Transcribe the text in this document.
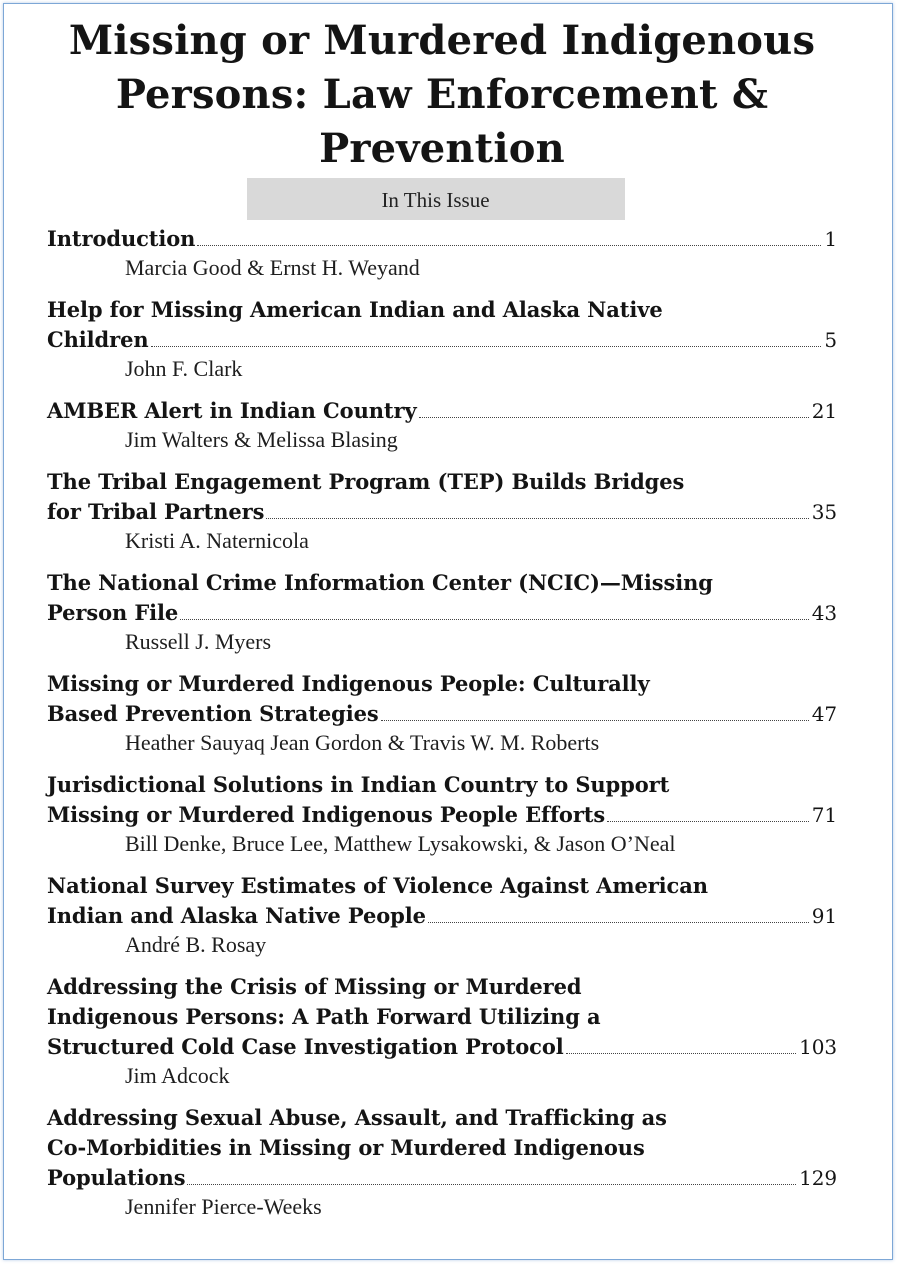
Missing or Murdered Indigenous
Persons: Law Enforcement &
Prevention
In This Issue
Introduction	1
Marcia Good & Ernst H. Weyand
Help for Missing American Indian and Alaska Native
Children	5
John F. Clark
AMBER Alert in Indian Country	21
Jim Walters & Melissa Blasing
The Tribal Engagement Program (TEP) Builds Bridges
for Tribal Partners	35
Kristi A. Naternicola
The National Crime Information Center (NCIC)—Missing
Person File	43
Russell J. Myers
Missing or Murdered Indigenous People: Culturally
Based Prevention Strategies	47
Heather Sauyaq Jean Gordon & Travis W. M. Roberts
Jurisdictional Solutions in Indian Country to Support
Missing or Murdered Indigenous People Efforts	71
Bill Denke, Bruce Lee, Matthew Lysakowski, & Jason O’Neal
National Survey Estimates of Violence Against American
Indian and Alaska Native People	91
André B. Rosay
Addressing the Crisis of Missing or Murdered
Indigenous Persons: A Path Forward Utilizing a
Structured Cold Case Investigation Protocol	103
Jim Adcock
Addressing Sexual Abuse, Assault, and Trafficking as
Co-Morbidities in Missing or Murdered Indigenous
Populations	129
Jennifer Pierce-Weeks
